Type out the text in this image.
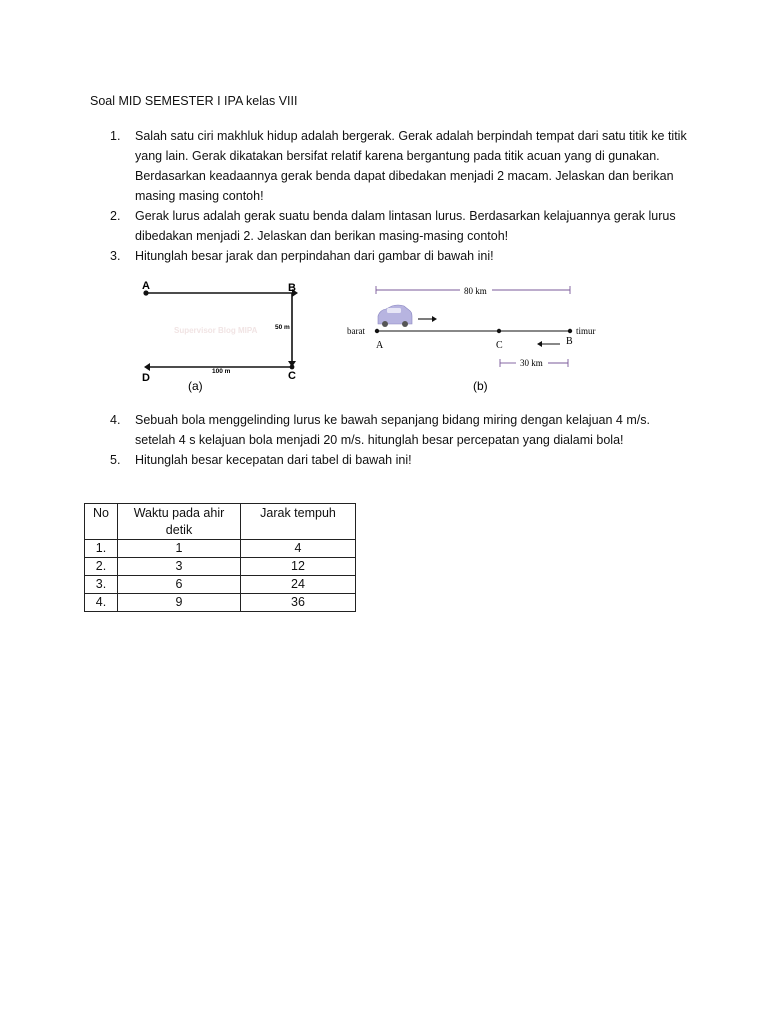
Soal MID SEMESTER I IPA kelas VIII
1.	Salah satu ciri makhluk hidup adalah bergerak. Gerak adalah berpindah tempat dari satu titik ke titik yang lain. Gerak dikatakan bersifat relatif karena bergantung pada titik acuan yang di gunakan. Berdasarkan keadaannya gerak benda dapat dibedakan menjadi 2 macam. Jelaskan dan berikan masing masing contoh!
2.	Gerak lurus adalah gerak suatu benda dalam lintasan lurus. Berdasarkan kelajuannya gerak lurus dibedakan menjadi 2. Jelaskan dan berikan masing-masing contoh!
3.	Hitunglah besar jarak dan perpindahan dari gambar di bawah ini!
A	B
C
D
50 m
100 m
Supervisor Blog MIPA
(a)
80 km
barat	timur
A	C	B
30 km
(b)
4.	Sebuah bola menggelinding lurus ke bawah sepanjang bidang miring dengan kelajuan 4 m/s. setelah 4 s kelajuan bola menjadi 20 m/s. hitunglah besar percepatan yang dialami bola!
5.	Hitunglah besar kecepatan dari tabel di bawah ini!
No	Waktu pada ahir detik	Jarak tempuh
1.	1	4
2.	3	12
3.	6	24
4.	9	36
